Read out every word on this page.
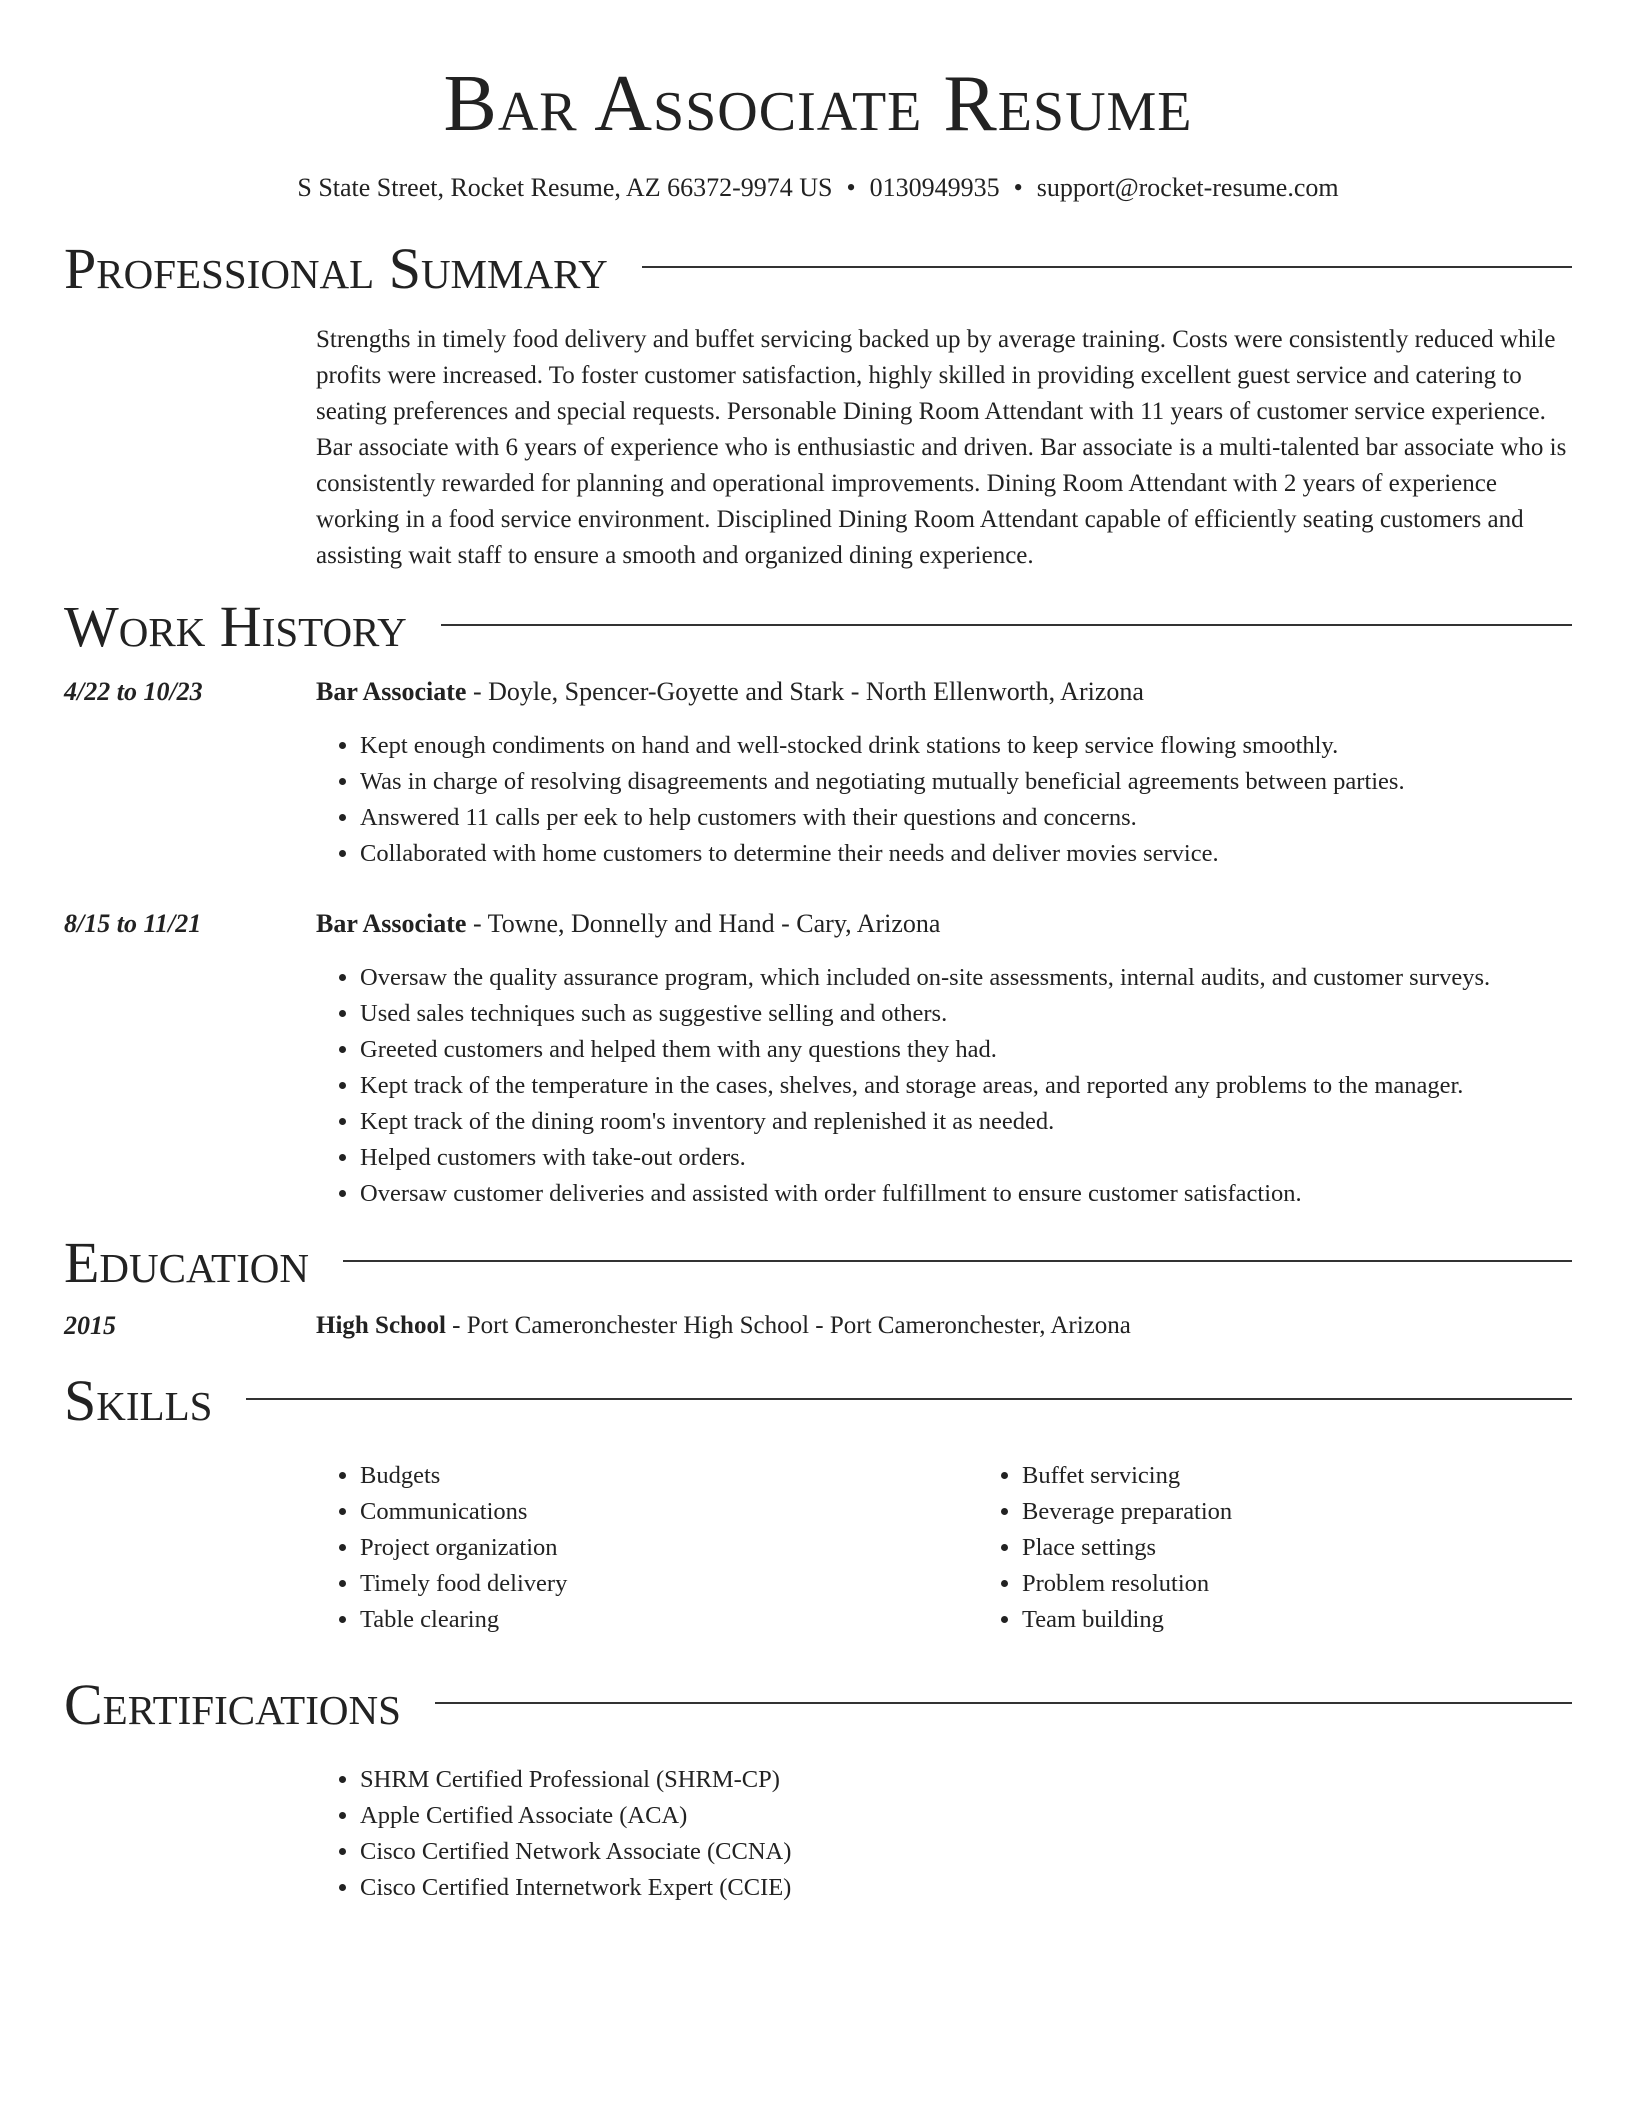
Bar Associate Resume
S State Street, Rocket Resume, AZ 66372-9974 US • 0130949935 • support@rocket-resume.com
Professional Summary
Strengths in timely food delivery and buffet servicing backed up by average training. Costs were consistently reduced while profits were increased. To foster customer satisfaction, highly skilled in providing excellent guest service and catering to seating preferences and special requests. Personable Dining Room Attendant with 11 years of customer service experience. Bar associate with 6 years of experience who is enthusiastic and driven. Bar associate is a multi-talented bar associate who is consistently rewarded for planning and operational improvements. Dining Room Attendant with 2 years of experience working in a food service environment. Disciplined Dining Room Attendant capable of efficiently seating customers and assisting wait staff to ensure a smooth and organized dining experience.
Work History
4/22 to 10/23	Bar Associate - Doyle, Spencer-Goyette and Stark - North Ellenworth, Arizona
• Kept enough condiments on hand and well-stocked drink stations to keep service flowing smoothly.
• Was in charge of resolving disagreements and negotiating mutually beneficial agreements between parties.
• Answered 11 calls per eek to help customers with their questions and concerns.
• Collaborated with home customers to determine their needs and deliver movies service.
8/15 to 11/21	Bar Associate - Towne, Donnelly and Hand - Cary, Arizona
• Oversaw the quality assurance program, which included on-site assessments, internal audits, and customer surveys.
• Used sales techniques such as suggestive selling and others.
• Greeted customers and helped them with any questions they had.
• Kept track of the temperature in the cases, shelves, and storage areas, and reported any problems to the manager.
• Kept track of the dining room's inventory and replenished it as needed.
• Helped customers with take-out orders.
• Oversaw customer deliveries and assisted with order fulfillment to ensure customer satisfaction.
Education
2015	High School - Port Cameronchester High School - Port Cameronchester, Arizona
Skills
• Budgets
• Communications
• Project organization
• Timely food delivery
• Table clearing
• Buffet servicing
• Beverage preparation
• Place settings
• Problem resolution
• Team building
Certifications
• SHRM Certified Professional (SHRM-CP)
• Apple Certified Associate (ACA)
• Cisco Certified Network Associate (CCNA)
• Cisco Certified Internetwork Expert (CCIE)
